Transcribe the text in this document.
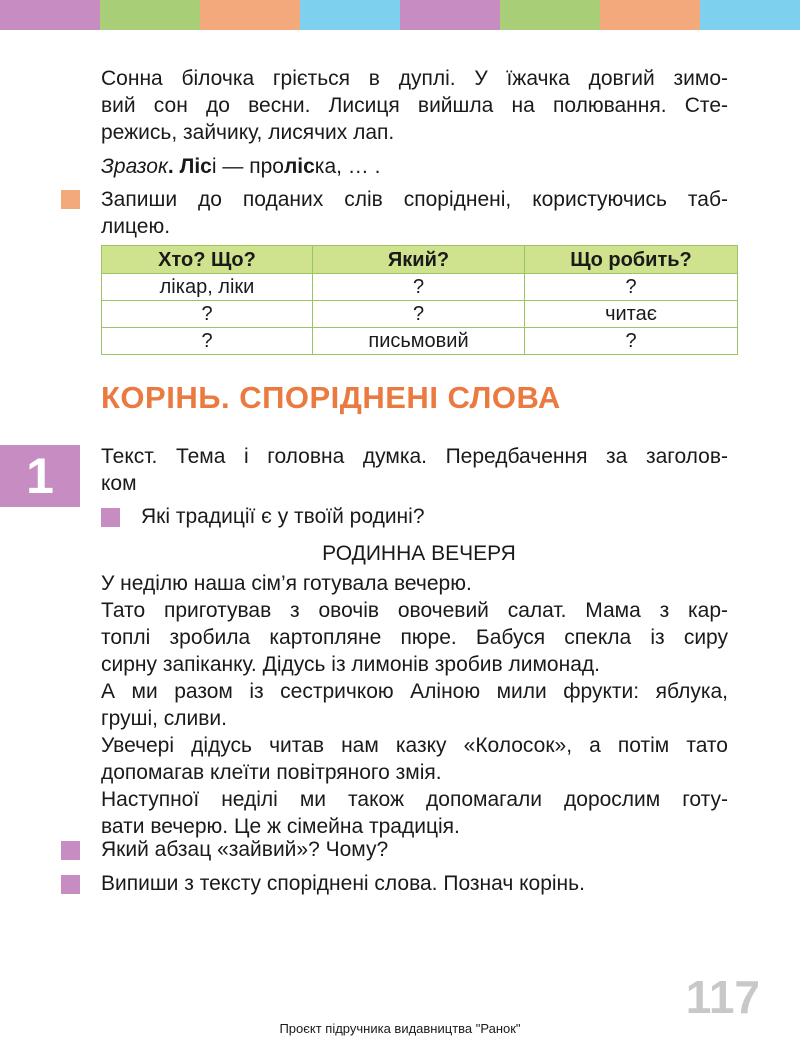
Сонна білочка гріється в дуплі. У їжачка довгий зимо-
вий сон до весни. Лисиця вийшла на полювання. Сте-
режись, зайчику, лисячих лап.

Зразок. Лісі — проліска, … .

Запиши до поданих слів споріднені, користуючись таб-
лицею.

Хто? Що?	Який?	Що робить?
лікар, ліки	?	?
?	?	читає
?	письмовий	?
КОРІНЬ. СПОРІДНЕНІ СЛОВА
1	Текст. Тема і головна думка. Передбачення за заголов-
ком

Які традиції є у твоїй родині?

РОДИННА ВЕЧЕРЯ

У неділю наша сім’я готувала вечерю.
Тато приготував з овочів овочевий салат. Мама з кар-
топлі зробила картопляне пюре. Бабуся спекла із сиру
сирну запіканку. Дідусь із лимонів зробив лимонад.
А ми разом із сестричкою Аліною мили фрукти: яблука,
груші, сливи.
Увечері дідусь читав нам казку «Колосок», а потім тато
допомагав клеїти повітряного змія.
Наступної неділі ми також допомагали дорослим готу-
вати вечерю. Це ж сімейна традиція.

Який абзац «зайвий»? Чому?

Випиши з тексту споріднені слова. Познач корінь.

117
Проєкт підручника видавництва "Ранок"
